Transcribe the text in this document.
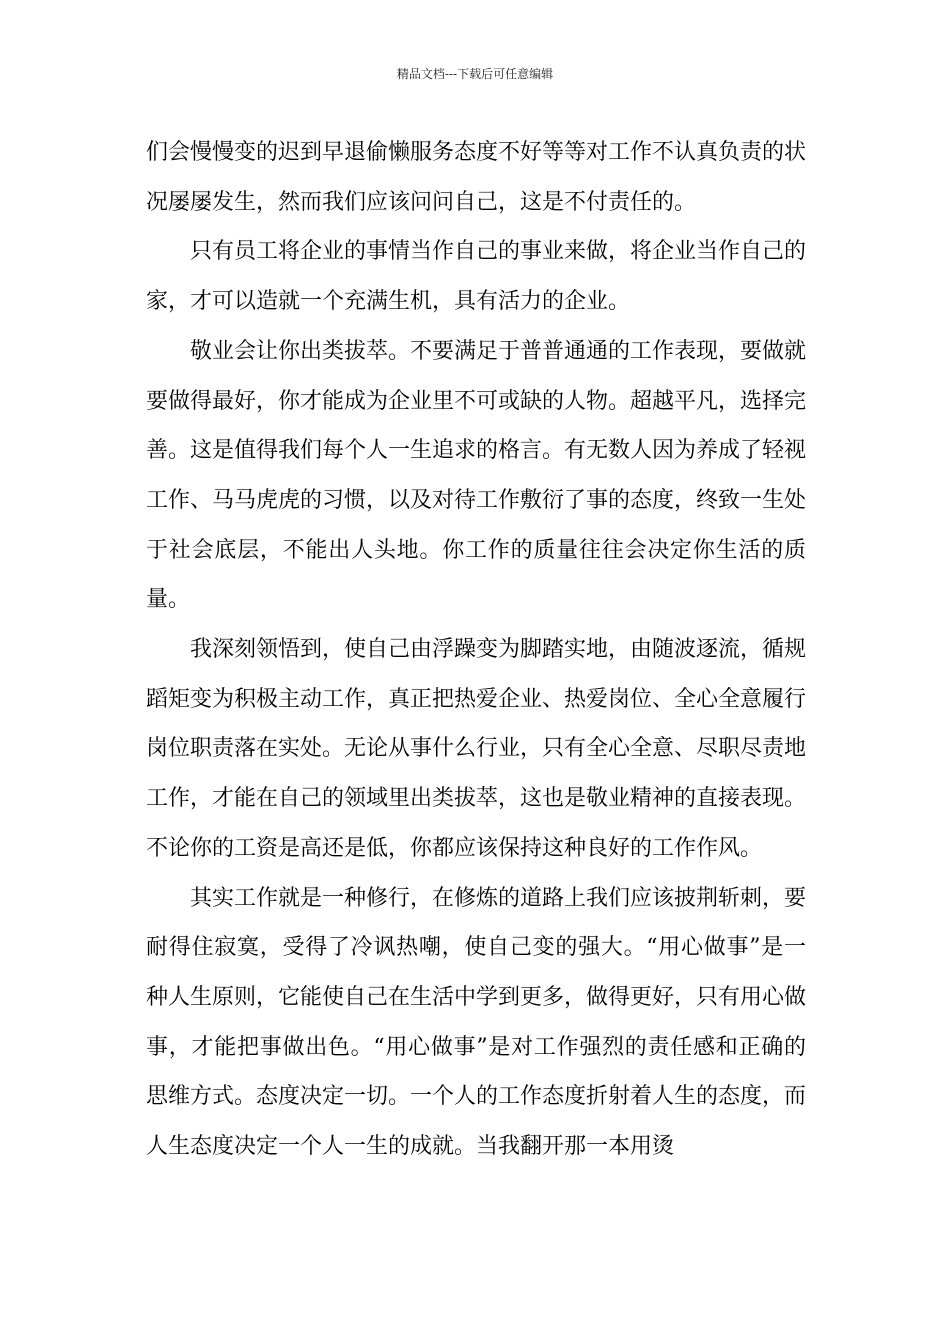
精品文档---下载后可任意编辑

们会慢慢变的迟到早退偷懒服务态度不好等等对工作不认真负责的状况屡屡发生，然而我们应该问问自己，这是不付责任的。

只有员工将企业的事情当作自己的事业来做，将企业当作自己的家，才可以造就一个充满生机，具有活力的企业。

敬业会让你出类拔萃。不要满足于普普通通的工作表现，要做就要做得最好，你才能成为企业里不可或缺的人物。超越平凡，选择完善。这是值得我们每个人一生追求的格言。有无数人因为养成了轻视工作、马马虎虎的习惯，以及对待工作敷衍了事的态度，终致一生处于社会底层，不能出人头地。你工作的质量往往会决定你生活的质量。

我深刻领悟到，使自己由浮躁变为脚踏实地，由随波逐流，循规蹈矩变为积极主动工作，真正把热爱企业、热爱岗位、全心全意履行岗位职责落在实处。无论从事什么行业，只有全心全意、尽职尽责地工作，才能在自己的领域里出类拔萃，这也是敬业精神的直接表现。不论你的工资是高还是低，你都应该保持这种良好的工作作风。

其实工作就是一种修行，在修炼的道路上我们应该披荆斩刺，要耐得住寂寞，受得了冷讽热嘲，使自己变的强大。“用心做事”是一种人生原则，它能使自己在生活中学到更多，做得更好，只有用心做事，才能把事做出色。“用心做事”是对工作强烈的责任感和正确的思维方式。态度决定一切。一个人的工作态度折射着人生的态度，而人生态度决定一个人一生的成就。当我翻开那一本用烫
